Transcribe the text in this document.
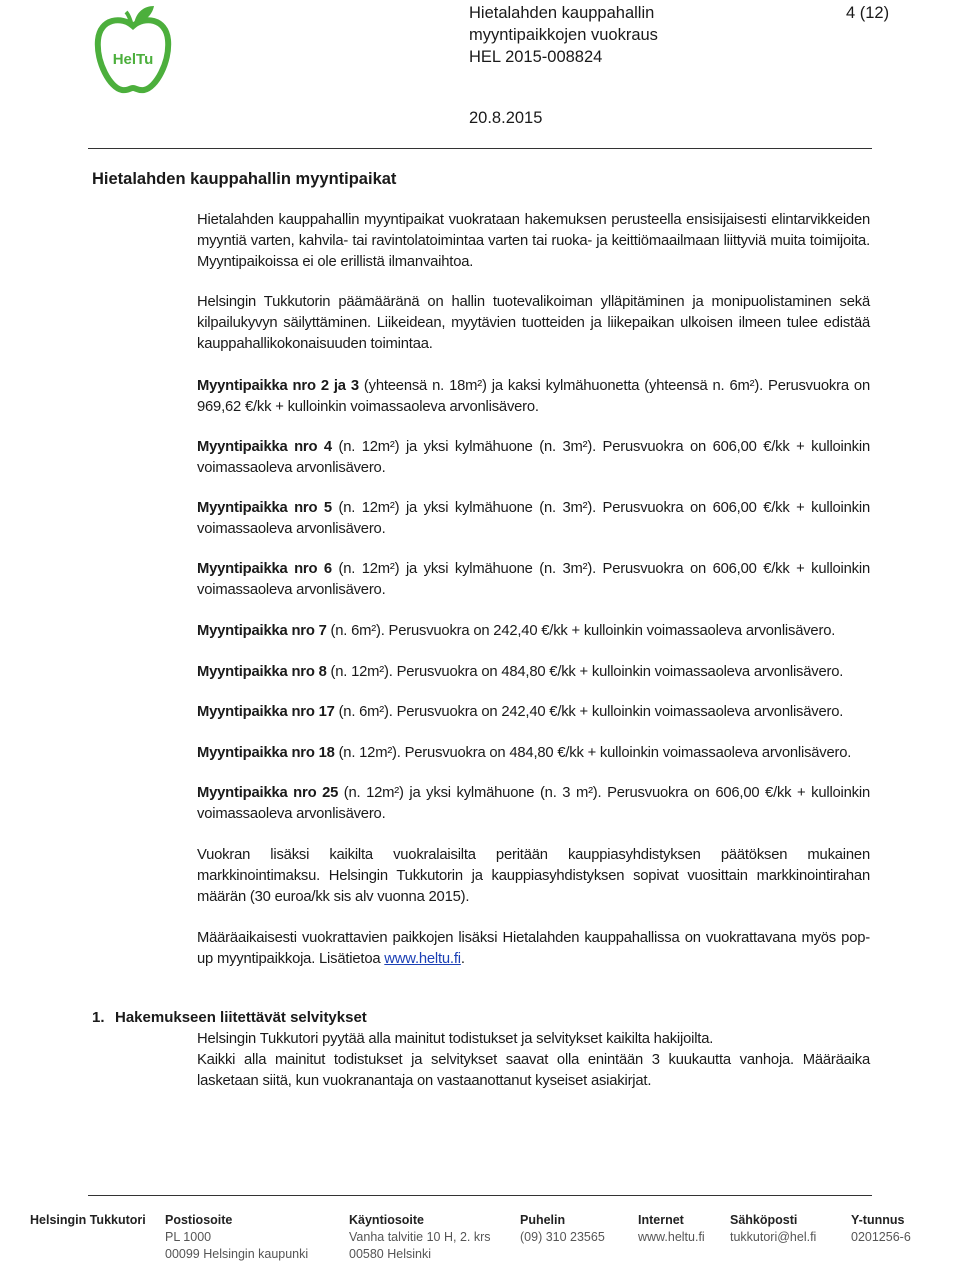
HelTu
Hietalahden kauppahallin
myyntipaikkojen vuokraus
HEL 2015-008824
4 (12)
20.8.2015
Hietalahden kauppahallin myyntipaikat

Hietalahden kauppahallin myyntipaikat vuokrataan hakemuksen perusteella ensisijaisesti elintarvikkeiden myyntiä varten, kahvila- tai ravintolatoimintaa varten tai ruoka- ja keittiömaailmaan liittyviä muita toimijoita. Myyntipaikoissa ei ole erillistä ilmanvaihtoa.

Helsingin Tukkutorin päämääränä on hallin tuotevalikoiman ylläpitäminen ja monipuolistaminen sekä kilpailukyvyn säilyttäminen. Liikeidean, myytävien tuotteiden ja liikepaikan ulkoisen ilmeen tulee edistää kauppahallikokonaisuuden toimintaa.

Myyntipaikka nro 2 ja 3 (yhteensä n. 18m²) ja kaksi kylmähuonetta (yhteensä n. 6m²). Perusvuokra on 969,62 €/kk + kulloinkin voimassaoleva arvonlisävero.

Myyntipaikka nro 4 (n. 12m²) ja yksi kylmähuone (n. 3m²). Perusvuokra on 606,00 €/kk + kulloinkin voimassaoleva arvonlisävero.

Myyntipaikka nro 5 (n. 12m²) ja yksi kylmähuone (n. 3m²). Perusvuokra on 606,00 €/kk + kulloinkin voimassaoleva arvonlisävero.

Myyntipaikka nro 6 (n. 12m²) ja yksi kylmähuone (n. 3m²). Perusvuokra on 606,00 €/kk + kulloinkin voimassaoleva arvonlisävero.

Myyntipaikka nro 7 (n. 6m²). Perusvuokra on 242,40 €/kk + kulloinkin voimassaoleva arvonlisävero.

Myyntipaikka nro 8 (n. 12m²). Perusvuokra on 484,80 €/kk + kulloinkin voimassaoleva arvonlisävero.

Myyntipaikka nro 17 (n. 6m²). Perusvuokra on 242,40 €/kk + kulloinkin voimassaoleva arvonlisävero.

Myyntipaikka nro 18 (n. 12m²). Perusvuokra on 484,80 €/kk + kulloinkin voimassaoleva arvonlisävero.

Myyntipaikka nro 25 (n. 12m²) ja yksi kylmähuone (n. 3 m²). Perusvuokra on 606,00 €/kk + kulloinkin voimassaoleva arvonlisävero.

Vuokran lisäksi kaikilta vuokralaisilta peritään kauppiasyhdistyksen päätöksen mukainen markkinointimaksu. Helsingin Tukkutorin ja kauppiasyhdistyksen sopivat vuosittain markkinointirahan määrän (30 euroa/kk sis alv vuonna 2015).

Määräaikaisesti vuokrattavien paikkojen lisäksi Hietalahden kauppahallissa on vuokrattavana myös pop-up myyntipaikkoja. Lisätietoa www.heltu.fi.

1. Hakemukseen liitettävät selvitykset

Helsingin Tukkutori pyytää alla mainitut todistukset ja selvitykset kaikilta hakijoilta.

Kaikki alla mainitut todistukset ja selvitykset saavat olla enintään 3 kuukautta vanhoja. Määräaika lasketaan siitä, kun vuokranantaja on vastaanottanut kyseiset asiakirjat.

Helsingin Tukkutori Postiosoite
PL 1000
00099 Helsingin kaupunki
Käyntiosoite
Vanha talvitie 10 H, 2. krs
00580 Helsinki
Puhelin
(09) 310 23565
Internet
www.heltu.fi
Sähköposti
tukkutori@hel.fi
Y-tunnus
0201256-6
